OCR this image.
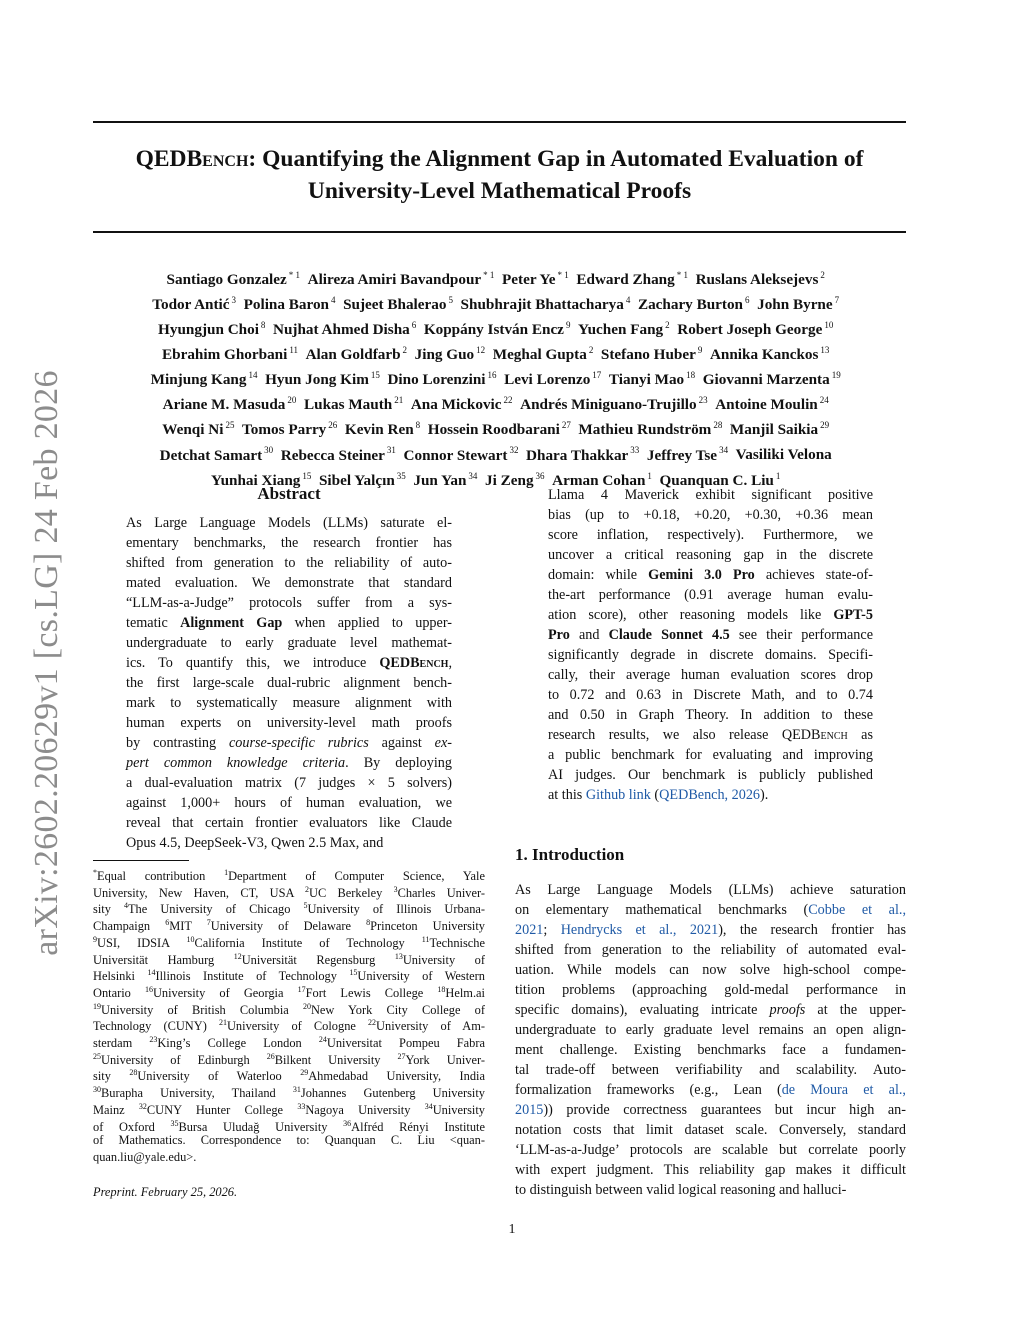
QEDBench: Quantifying the Alignment Gap in Automated Evaluation of
University-Level Mathematical Proofs
Santiago Gonzalez $^{* 1}$ Alireza Amiri Bavandpour $^{* 1}$ Peter Ye $^{* 1}$ Edward Zhang $^{* 1}$ Ruslans Aleksejevs $^2$
Todor Antić $^3$ Polina Baron $^4$ Sujeet Bhalerao $^5$ Shubhrajit Bhattacharya $^4$ Zachary Burton $^6$ John Byrne $^7$
Hyungjun Choi $^8$ Nujhat Ahmed Disha $^6$ Koppány István Encz $^9$ Yuchen Fang $^2$ Robert Joseph George $^{10}$
Ebrahim Ghorbani $^{11}$ Alan Goldfarb $^2$ Jing Guo $^{12}$ Meghal Gupta $^2$ Stefano Huber $^9$ Annika Kanckos $^{13}$
Minjung Kang $^{14}$ Hyun Jong Kim $^{15}$ Dino Lorenzini $^{16}$ Levi Lorenzo $^{17}$ Tianyi Mao $^{18}$ Giovanni Marzenta $^{19}$
Ariane M. Masuda $^{20}$ Lukas Mauth $^{21}$ Ana Mickovic $^{22}$ Andrés Miniguano-Trujillo $^{23}$ Antoine Moulin $^{24}$
Wenqi Ni $^{25}$ Tomos Parry $^{26}$ Kevin Ren $^8$ Hossein Roodbarani $^{27}$ Mathieu Rundström $^{28}$ Manjil Saikia $^{29}$
Detchat Samart $^{30}$ Rebecca Steiner $^{31}$ Connor Stewart $^{32}$ Dhara Thakkar $^{33}$ Jeffrey Tse $^{34}$ Vasiliki Velona
Yunhai Xiang $^{15}$ Sibel Yalçın $^{35}$ Jun Yan $^{34}$ Ji Zeng $^{36}$ Arman Cohan $^1$ Quanquan C. Liu $^1$
arXiv:2602.20629v1 [cs.LG] 24 Feb 2026	Abstract
As Large Language Models (LLMs) saturate el-
ementary benchmarks, the research frontier has
shifted from generation to the reliability of auto-
mated evaluation. We demonstrate that standard
“LLM-as-a-Judge” protocols suffer from a sys-
tematic Alignment Gap when applied to upper-
undergraduate to early graduate level mathemat-
ics. To quantify this, we introduce QEDBench,
the first large-scale dual-rubric alignment bench-
mark to systematically measure alignment with
human experts on university-level math proofs
by contrasting course-specific rubrics against ex-
pert common knowledge criteria. By deploying
a dual-evaluation matrix (7 judges × 5 solvers)
against 1,000+ hours of human evaluation, we
reveal that certain frontier evaluators like Claude
Opus 4.5, DeepSeek-V3, Qwen 2.5 Max, and
Llama 4 Maverick exhibit significant positive
bias (up to +0.18, +0.20, +0.30, +0.36 mean
score inflation, respectively). Furthermore, we
uncover a critical reasoning gap in the discrete
domain: while Gemini 3.0 Pro achieves state-of-
the-art performance (0.91 average human evalu-
ation score), other reasoning models like GPT-5
Pro and Claude Sonnet 4.5 see their performance
significantly degrade in discrete domains. Specifi-
cally, their average human evaluation scores drop
to 0.72 and 0.63 in Discrete Math, and to 0.74
and 0.50 in Graph Theory. In addition to these
research results, we also release QEDBench as
a public benchmark for evaluating and improving
AI judges. Our benchmark is publicly published
at this Github link (QEDBench, 2026).
*Equal contribution $^1$Department of Computer Science, Yale
University, New Haven, CT, USA $^2$UC Berkeley $^3$Charles Univer-
sity $^4$The University of Chicago $^5$University of Illinois Urbana-
Champaign $^6$MIT $^7$University of Delaware $^8$Princeton University
$^9$USI, IDSIA $^{10}$California Institute of Technology $^{11}$Technische
Universität Hamburg $^{12}$Universität Regensburg $^{13}$University of
Helsinki $^{14}$Illinois Institute of Technology $^{15}$University of Western
Ontario $^{16}$University of Georgia $^{17}$Fort Lewis College $^{18}$Helm.ai
$^{19}$University of British Columbia $^{20}$New York City College of
Technology (CUNY) $^{21}$University of Cologne $^{22}$University of Am-
sterdam $^{23}$King’s College London $^{24}$Universitat Pompeu Fabra
$^{25}$University of Edinburgh $^{26}$Bilkent University $^{27}$York Univer-
sity $^{28}$University of Waterloo $^{29}$Ahmedabad University, India
$^{30}$Burapha University, Thailand $^{31}$Johannes Gutenberg University
Mainz $^{32}$CUNY Hunter College $^{33}$Nagoya University $^{34}$University
of Oxford $^{35}$Bursa Uludağ University $^{36}$Alfréd Rényi Institute
of Mathematics. Correspondence to: Quanquan C. Liu <quan-
quan.liu@yale.edu>.
Preprint. February 25, 2026.
1. Introduction
As Large Language Models (LLMs) achieve saturation
on elementary mathematical benchmarks (Cobbe et al.,
2021; Hendrycks et al., 2021), the research frontier has
shifted from generation to the reliability of automated eval-
uation. While models can now solve high-school compe-
tition problems (approaching gold-medal performance in
specific domains), evaluating intricate proofs at the upper-
undergraduate to early graduate level remains an open align-
ment challenge. Existing benchmarks face a fundamen-
tal trade-off between verifiability and scalability. Auto-
formalization frameworks (e.g., Lean (de Moura et al.,
2015)) provide correctness guarantees but incur high an-
notation costs that limit dataset scale. Conversely, standard
‘LLM-as-a-Judge’ protocols are scalable but correlate poorly
with expert judgment. This reliability gap makes it difficult
to distinguish between valid logical reasoning and halluci-
1
